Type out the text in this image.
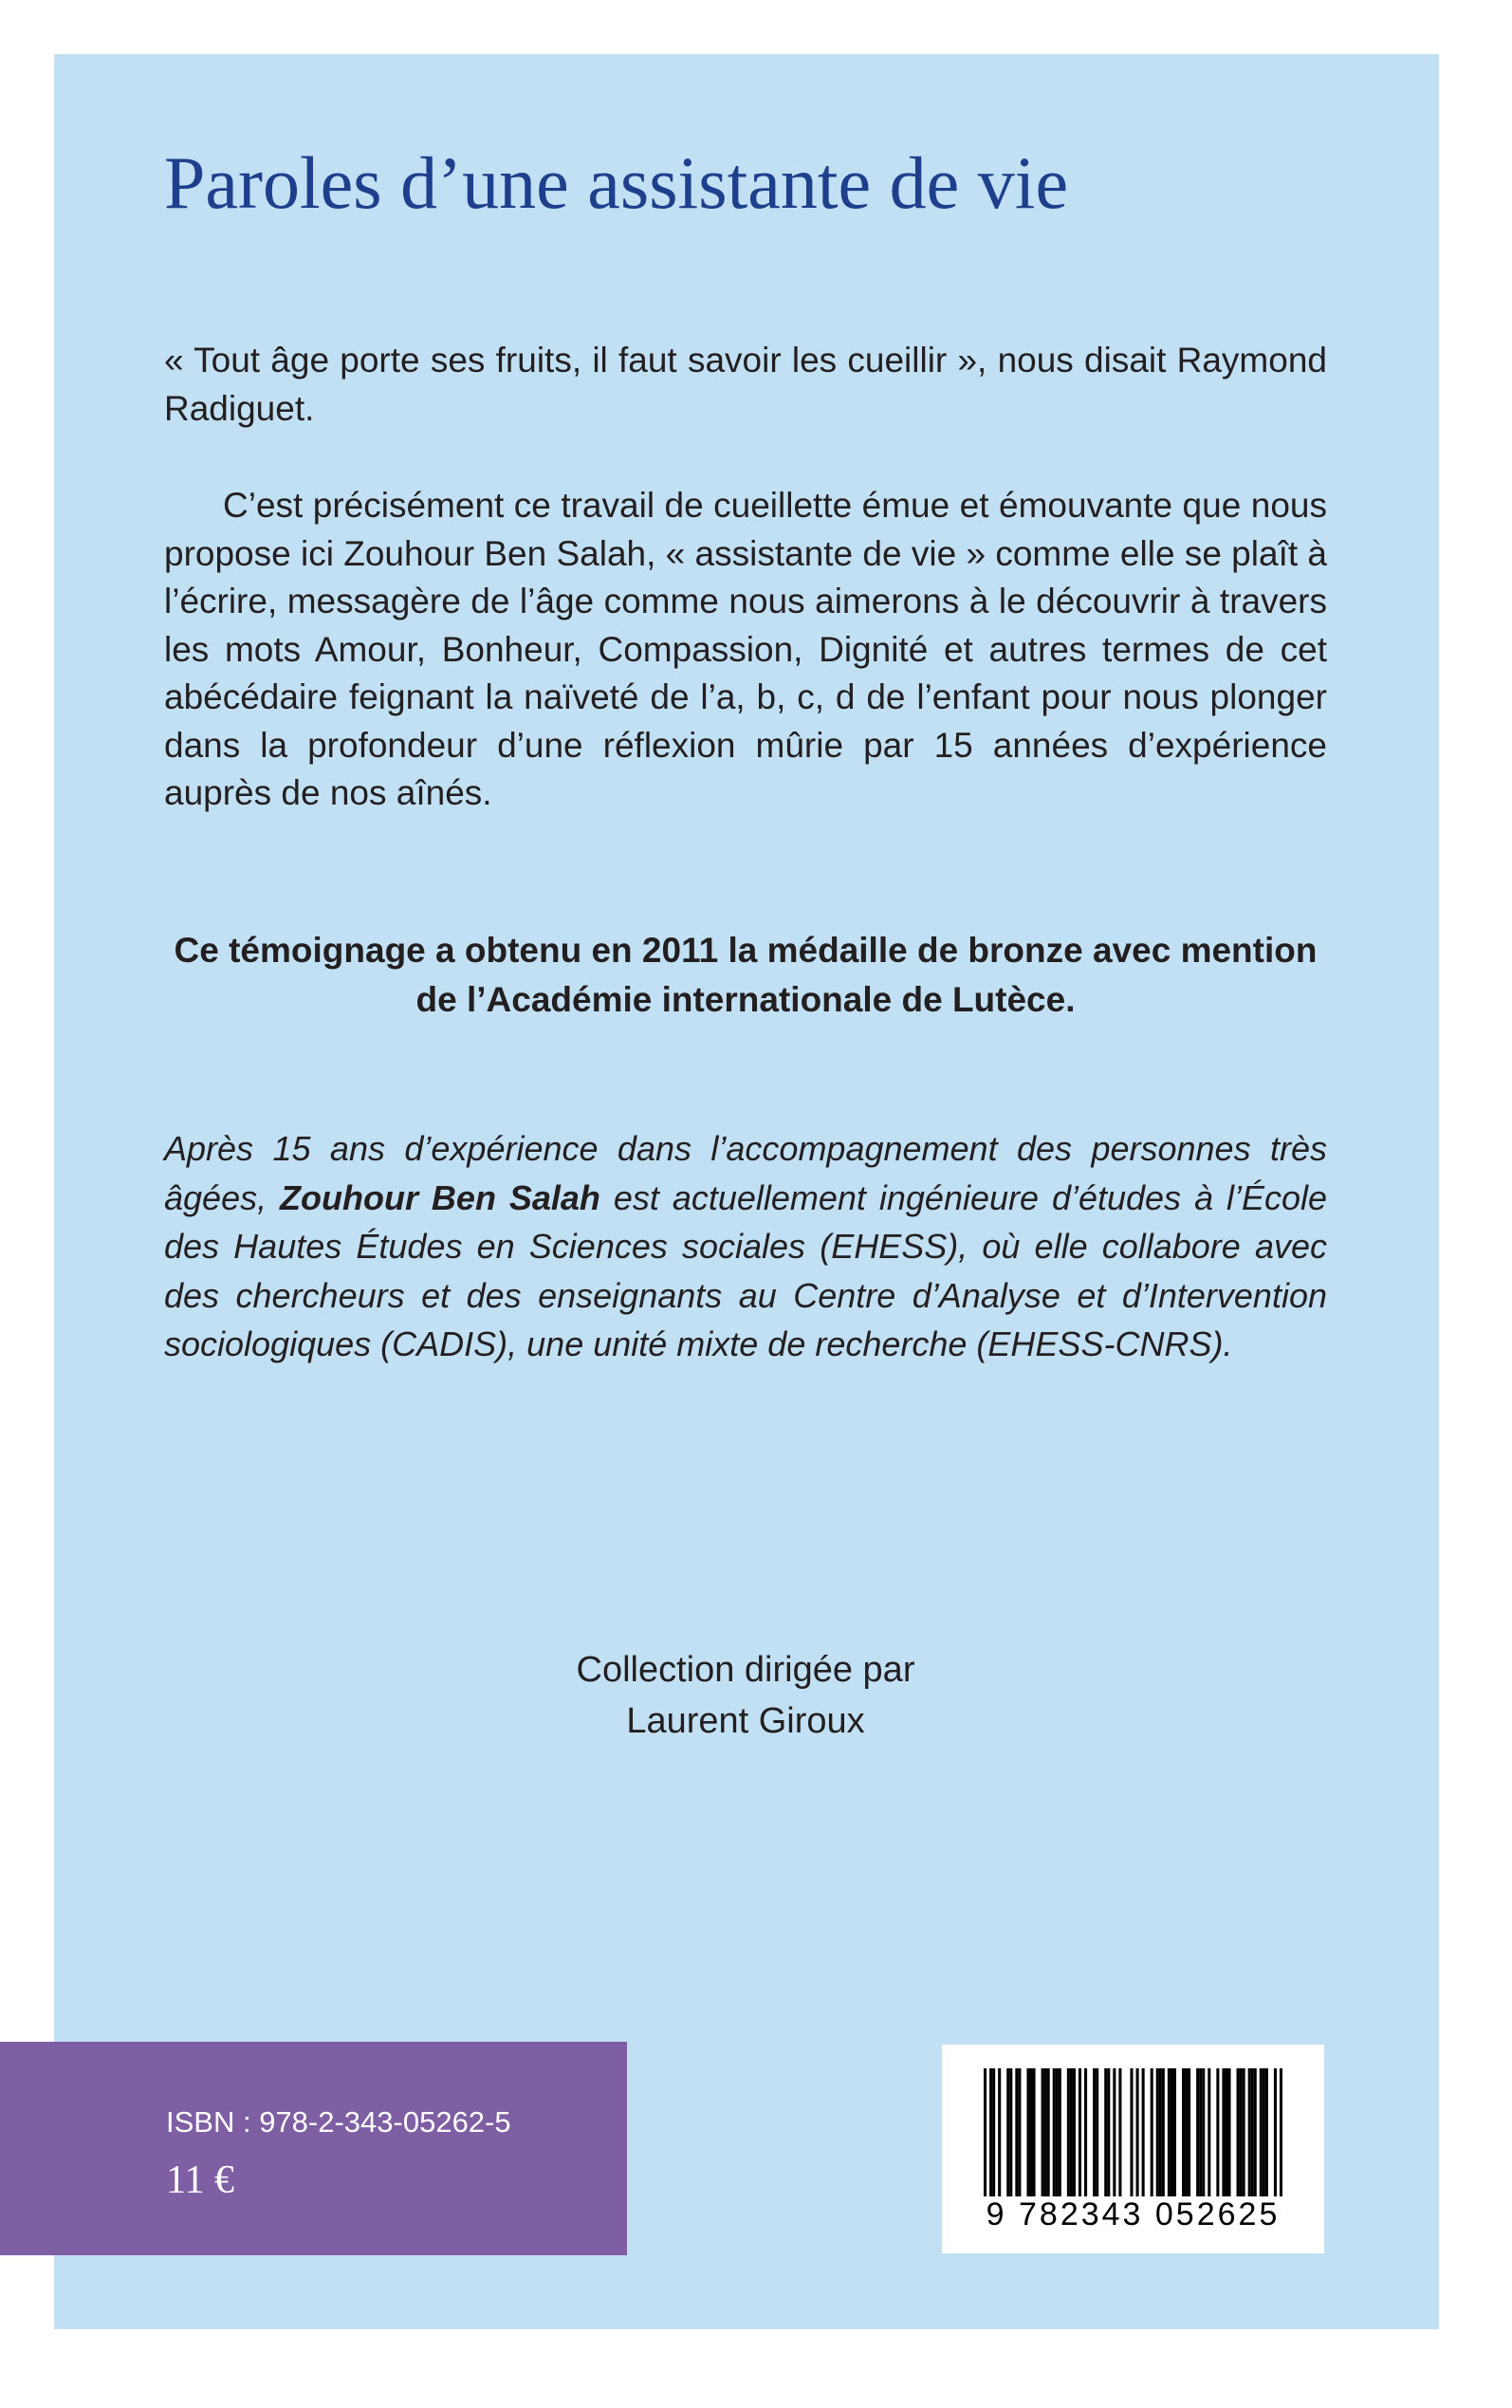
Paroles d’une assistante de vie

« Tout âge porte ses fruits, il faut savoir les cueillir », nous disait Raymond Radiguet.

C’est précisément ce travail de cueillette émue et émouvante que nous propose ici Zouhour Ben Salah, « assistante de vie » comme elle se plaît à l’écrire, messagère de l’âge comme nous aimerons à le découvrir à travers les mots Amour, Bonheur, Compassion, Dignité et autres termes de cet abécédaire feignant la naïveté de l’a, b, c, d de l’enfant pour nous plonger dans la profondeur d’une réflexion mûrie par 15 années d’expérience auprès de nos aînés.

Ce témoignage a obtenu en 2011 la médaille de bronze avec mention de l’Académie internationale de Lutèce.

Après 15 ans d’expérience dans l’accompagnement des personnes très âgées, Zouhour Ben Salah est actuellement ingénieure d’études à l’École des Hautes Études en Sciences sociales (EHESS), où elle collabore avec des chercheurs et des enseignants au Centre d’Analyse et d’Intervention sociologiques (CADIS), une unité mixte de recherche (EHESS-CNRS).

Collection dirigée par
Laurent Giroux

ISBN : 978-2-343-05262-5
11 €
9 782343 052625
